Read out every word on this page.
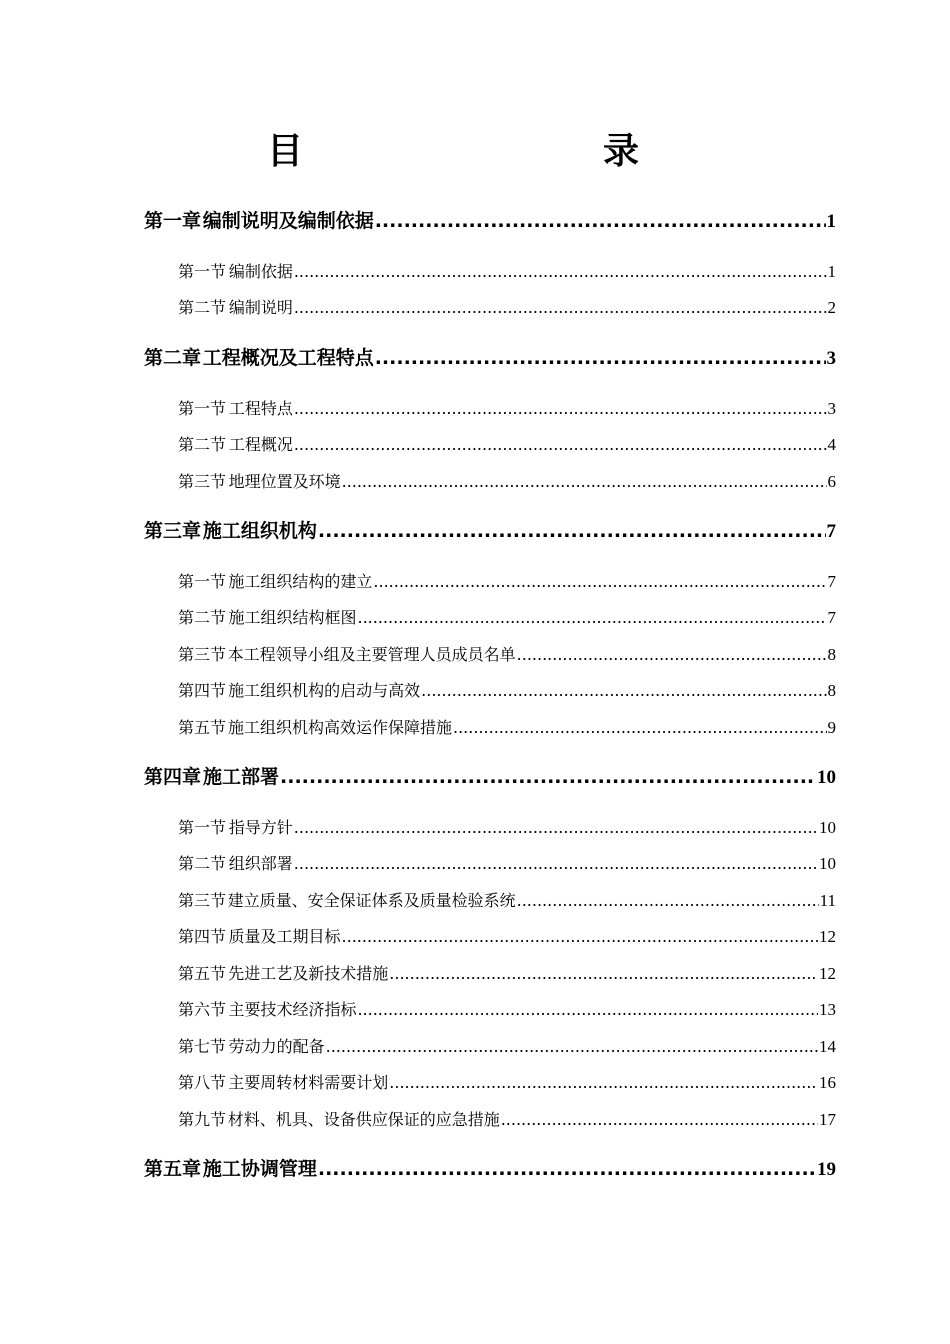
目　　录
第一章 编制说明及编制依据 .....	1
第一节 编制依据 .....	1
第二节 编制说明 .....	2
第二章 工程概况及工程特点 .....	3
第一节 工程特点 .....	3
第二节 工程概况 .....	4
第三节 地理位置及环境 .....	6
第三章 施工组织机构 .....	7
第一节 施工组织结构的建立 .....	7
第二节 施工组织结构框图 .....	7
第三节 本工程领导小组及主要管理人员成员名单 .....	8
第四节 施工组织机构的启动与高效 .....	8
第五节 施工组织机构高效运作保障措施 .....	9
第四章 施工部署 .....	10
第一节 指导方针 .....	10
第二节 组织部署 .....	10
第三节 建立质量、安全保证体系及质量检验系统 .....	11
第四节 质量及工期目标 .....	12
第五节 先进工艺及新技术措施 .....	12
第六节 主要技术经济指标 .....	13
第七节 劳动力的配备 .....	14
第八节 主要周转材料需要计划 .....	16
第九节 材料、机具、设备供应保证的应急措施 .....	17
第五章 施工协调管理 .....	19
